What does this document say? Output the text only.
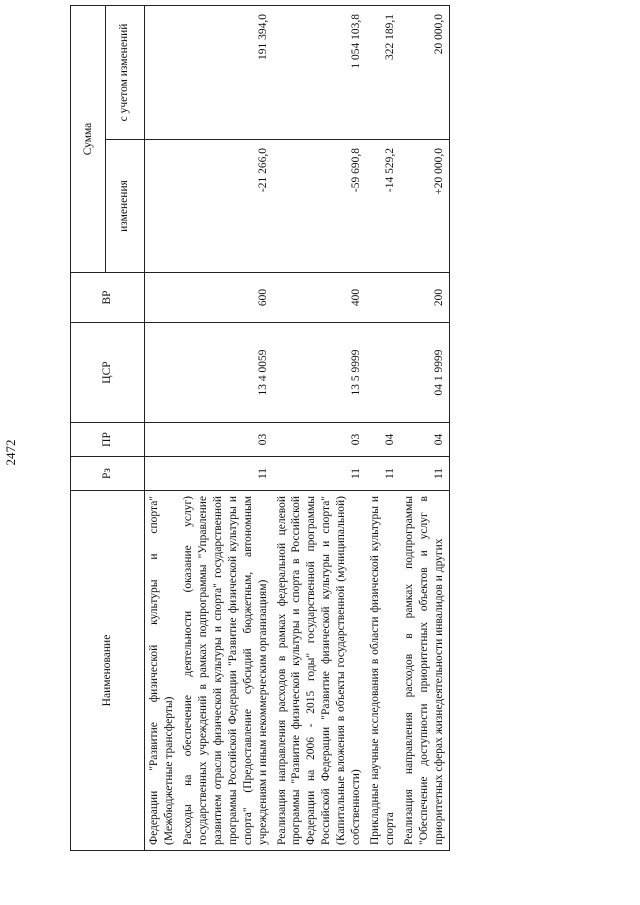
2472
Наименование	Рз	ПР	ЦСР	ВР	Сумма	
					изменения	с учетом изменений
Федерации "Развитие физической культуры и спорта" (Межбюджетные трансферты)						
Расходы на обеспечение деятельности (оказание услуг) государственных учреждений в рамках подпрограммы "Управление развитием отрасли физической культуры и спорта" государственной программы Российской Федерации "Развитие физической культуры и спорта" (Предоставление субсидий бюджетным, автономным учреждениям и иным некоммерческим организациям)	11	03	13 4 0059	600	-21 266,0	191 394,0
Реализация направления расходов в рамках федеральной целевой программы "Развитие физической культуры и спорта в Российской Федерации на 2006 - 2015 годы" государственной программы Российской Федерации "Развитие физической культуры и спорта" (Капитальные вложения в объекты государственной (муниципальной) собственности)	11	03	13 5 9999	400	-59 690,8	1 054 103,8
Прикладные научные исследования в области физической культуры и спорта	11	04			-14 529,2	322 189,1
Реализация направления расходов в рамках подпрограммы "Обеспечение доступности приоритетных объектов и услуг в приоритетных сферах жизнедеятельности инвалидов и других	11	04	04 1 9999	200	+20 000,0	20 000,0
